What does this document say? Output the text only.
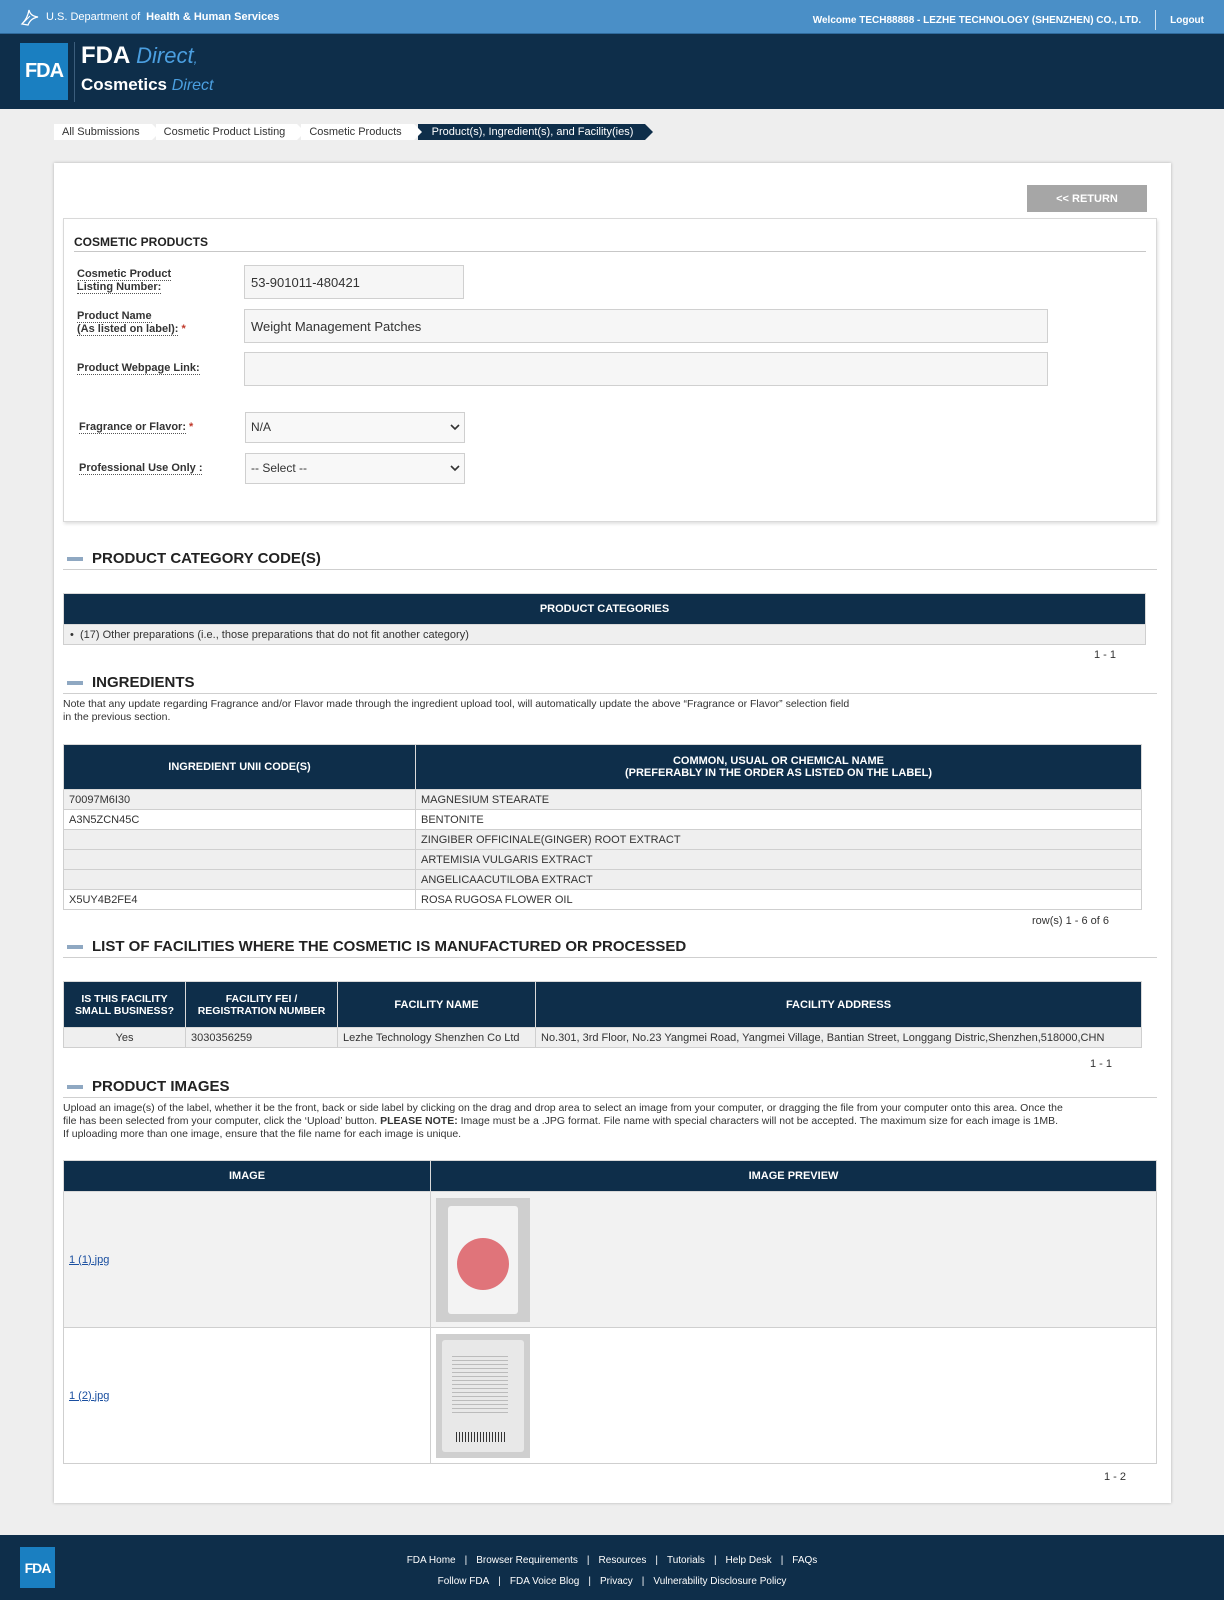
U.S. Department of Health & Human Services	Welcome TECH88888 - LEZHE TECHNOLOGY (SHENZHEN) CO., LTD.	Logout
FDA
FDA Direct,
Cosmetics Direct
All Submissions	Cosmetic Product Listing	Cosmetic Products	Product(s), Ingredient(s), and Facility(ies)
<< RETURN
COSMETIC PRODUCTS
Cosmetic Product
Listing Number:	53-901011-480421
Product Name
(As listed on label): *	Weight Management Patches
Product Webpage Link:
Fragrance or Flavor: *	N/A
Professional Use Only :	-- Select --
PRODUCT CATEGORY CODE(S)
PRODUCT CATEGORIES
•  (17) Other preparations (i.e., those preparations that do not fit another category)
1 - 1
INGREDIENTS
Note that any update regarding Fragrance and/or Flavor made through the ingredient upload tool, will automatically update the above “Fragrance or Flavor” selection field
in the previous section.
INGREDIENT UNII CODE(S)	COMMON, USUAL OR CHEMICAL NAME
(PREFERABLY IN THE ORDER AS LISTED ON THE LABEL)
70097M6I30	MAGNESIUM STEARATE
A3N5ZCN45C	BENTONITE
	ZINGIBER OFFICINALE(GINGER) ROOT EXTRACT
	ARTEMISIA VULGARIS EXTRACT
	ANGELICAACUTILOBA EXTRACT
X5UY4B2FE4	ROSA RUGOSA FLOWER OIL
row(s) 1 - 6 of 6
LIST OF FACILITIES WHERE THE COSMETIC IS MANUFACTURED OR PROCESSED
IS THIS FACILITY
SMALL BUSINESS?	FACILITY FEI /
REGISTRATION NUMBER	FACILITY NAME	FACILITY ADDRESS
Yes	3030356259	Lezhe Technology Shenzhen Co Ltd	No.301, 3rd Floor, No.23 Yangmei Road, Yangmei Village, Bantian Street, Longgang Distric,Shenzhen,518000,CHN
1 - 1
PRODUCT IMAGES
Upload an image(s) of the label, whether it be the front, back or side label by clicking on the drag and drop area to select an image from your computer, or dragging the file from your computer onto this area. Once the
file has been selected from your computer, click the ‘Upload’ button. PLEASE NOTE: Image must be a .JPG format. File name with special characters will not be accepted. The maximum size for each image is 1MB.
If uploading more than one image, ensure that the file name for each image is unique.
IMAGE	IMAGE PREVIEW
1 (1).jpg	

1 (2).jpg	
1 - 2
FDA	FDA Home | Browser Requirements | Resources | Tutorials | Help Desk | FAQs
Follow FDA | FDA Voice Blog | Privacy | Vulnerability Disclosure Policy
